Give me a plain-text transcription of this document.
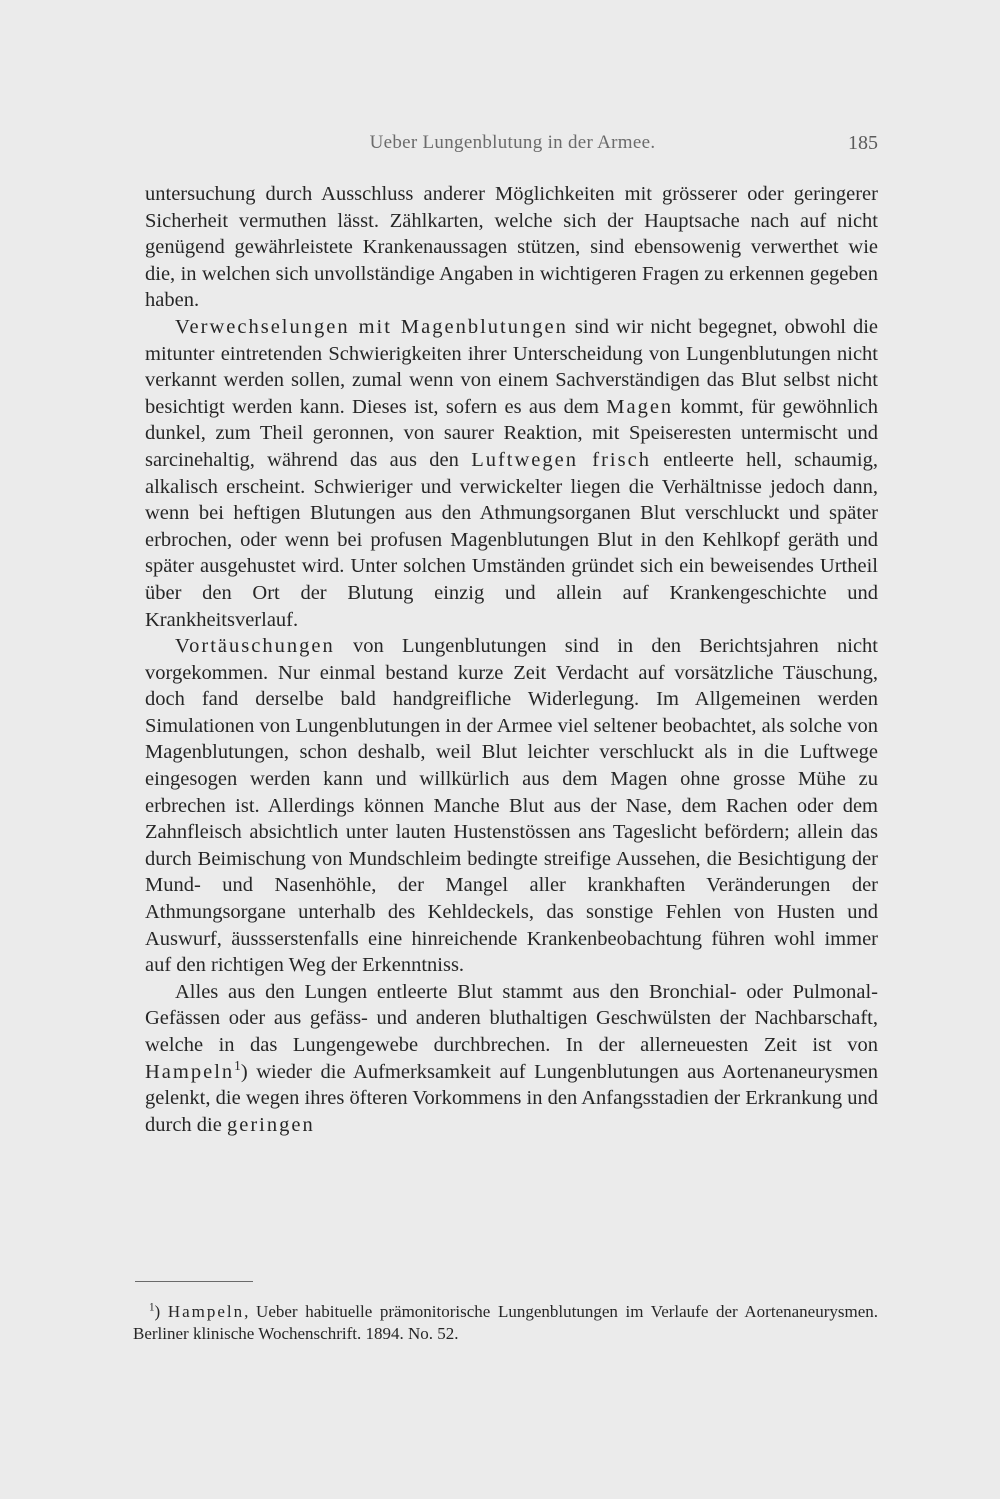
Ueber Lungenblutung in der Armee.	185

untersuchung durch Ausschluss anderer Möglichkeiten mit grösserer oder geringerer Sicherheit vermuthen lässt. Zählkarten, welche sich der Hauptsache nach auf nicht genügend gewährleistete Krankenaussagen stützen, sind ebensowenig verwerthet wie die, in welchen sich unvollständige Angaben in wichtigeren Fragen zu erkennen gegeben haben.

Verwechselungen mit Magenblutungen sind wir nicht begegnet, obwohl die mitunter eintretenden Schwierigkeiten ihrer Unterscheidung von Lungenblutungen nicht verkannt werden sollen, zumal wenn von einem Sachverständigen das Blut selbst nicht besichtigt werden kann. Dieses ist, sofern es aus dem Magen kommt, für gewöhnlich dunkel, zum Theil geronnen, von saurer Reaktion, mit Speiseresten untermischt und sarcinehaltig, während das aus den Luftwegen frisch entleerte hell, schaumig, alkalisch erscheint. Schwieriger und verwickelter liegen die Verhältnisse jedoch dann, wenn bei heftigen Blutungen aus den Athmungsorganen Blut verschluckt und später erbrochen, oder wenn bei profusen Magenblutungen Blut in den Kehlkopf geräth und später ausgehustet wird. Unter solchen Umständen gründet sich ein beweisendes Urtheil über den Ort der Blutung einzig und allein auf Krankengeschichte und Krankheitsverlauf.

Vortäuschungen von Lungenblutungen sind in den Berichtsjahren nicht vorgekommen. Nur einmal bestand kurze Zeit Verdacht auf vorsätzliche Täuschung, doch fand derselbe bald handgreifliche Widerlegung. Im Allgemeinen werden Simulationen von Lungenblutungen in der Armee viel seltener beobachtet, als solche von Magenblutungen, schon deshalb, weil Blut leichter verschluckt als in die Luftwege eingesogen werden kann und willkürlich aus dem Magen ohne grosse Mühe zu erbrechen ist. Allerdings können Manche Blut aus der Nase, dem Rachen oder dem Zahnfleisch absichtlich unter lauten Hustenstössen ans Tageslicht befördern; allein das durch Beimischung von Mundschleim bedingte streifige Aussehen, die Besichtigung der Mund- und Nasenhöhle, der Mangel aller krankhaften Veränderungen der Athmungsorgane unterhalb des Kehldeckels, das sonstige Fehlen von Husten und Auswurf, äussserstenfalls eine hinreichende Krankenbeobachtung führen wohl immer auf den richtigen Weg der Erkenntniss.

Alles aus den Lungen entleerte Blut stammt aus den Bronchial- oder Pulmonal-Gefässen oder aus gefäss- und anderen bluthaltigen Geschwülsten der Nachbarschaft, welche in das Lungengewebe durchbrechen. In der allerneuesten Zeit ist von Hampeln$^1$) wieder die Aufmerksamkeit auf Lungenblutungen aus Aortenaneurysmen gelenkt, die wegen ihres öfteren Vorkommens in den Anfangsstadien der Erkrankung und durch die geringen

$^1$) Hampeln, Ueber habituelle prämonitorische Lungenblutungen im Verlaufe der Aortenaneurysmen. Berliner klinische Wochenschrift. 1894. No. 52.
